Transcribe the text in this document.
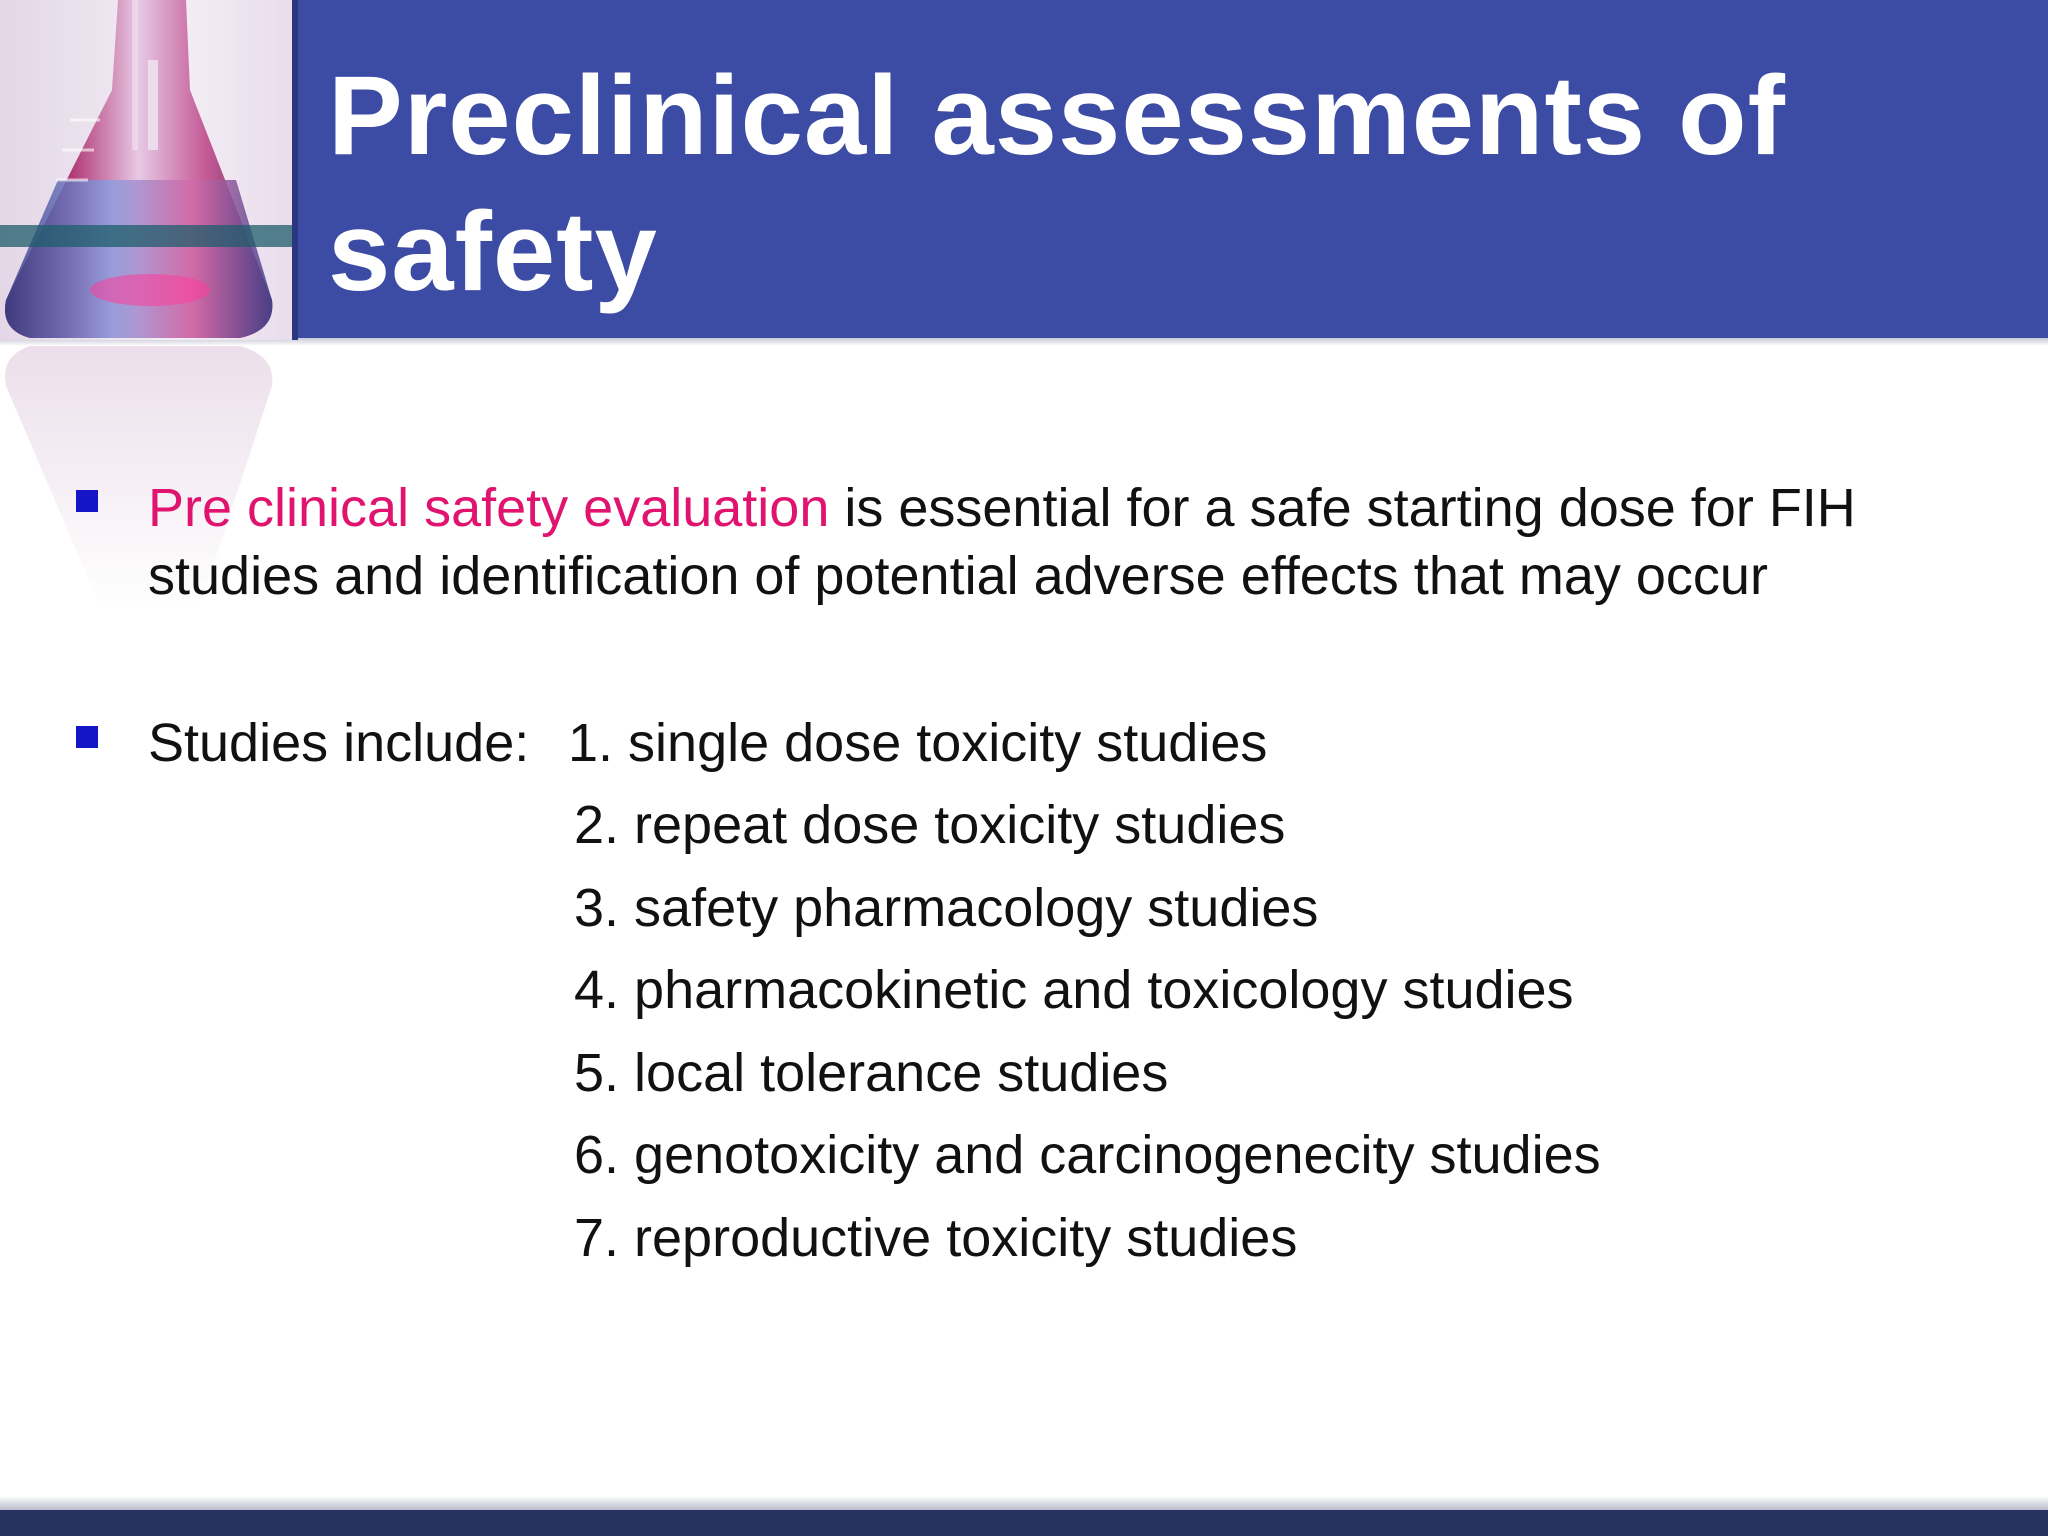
Preclinical assessments of safety

Pre clinical safety evaluation is essential for a safe starting dose for FIH studies and identification of potential adverse effects that may occur

Studies include: 1. single dose toxicity studies
2. repeat dose toxicity studies
3. safety pharmacology studies
4. pharmacokinetic and toxicology studies
5. local tolerance studies
6. genotoxicity and carcinogenecity studies
7. reproductive toxicity studies
